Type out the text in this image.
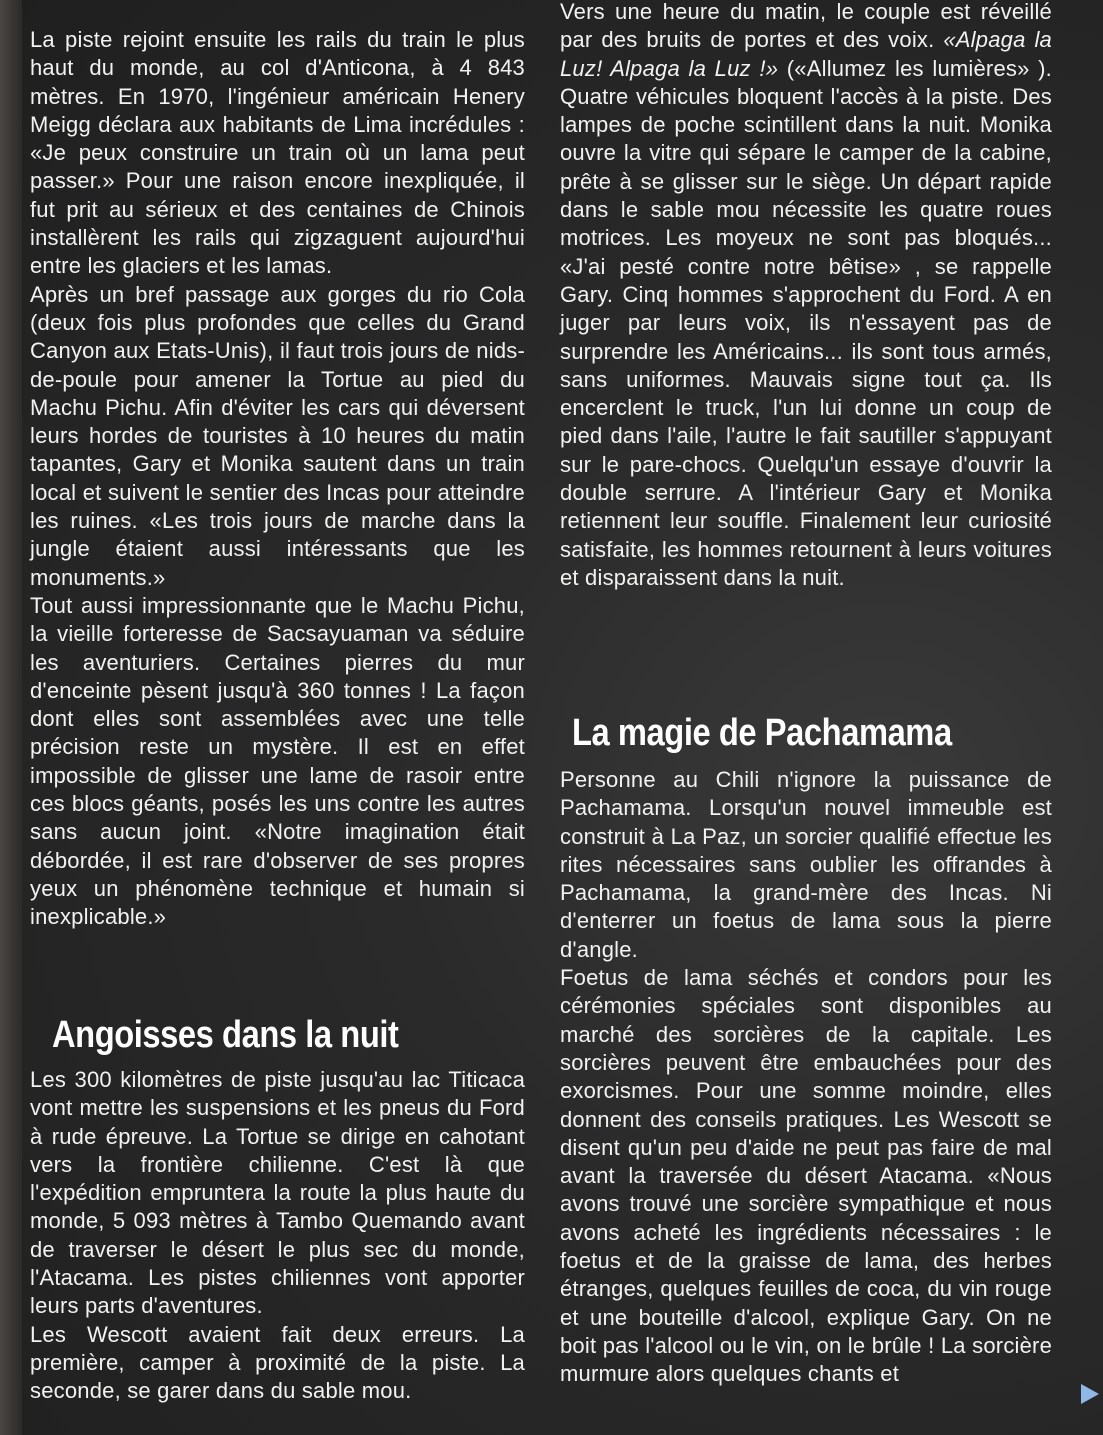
La piste rejoint ensuite les rails du train le plus haut du monde, au col d'Anticona, à 4 843 mètres. En 1970, l'ingénieur américain Henery Meigg déclara aux habitants de Lima incrédules : «Je peux construire un train où un lama peut passer.» Pour une raison encore inexpliquée, il fut prit au sérieux et des centaines de Chinois installèrent les rails qui zigzaguent aujourd'hui entre les glaciers et les lamas.

Après un bref passage aux gorges du rio Cola (deux fois plus profondes que celles du Grand Canyon aux Etats-Unis), il faut trois jours de nids-de-poule pour amener la Tortue au pied du Machu Pichu. Afin d'éviter les cars qui déversent leurs hordes de touristes à 10 heures du matin tapantes, Gary et Monika sautent dans un train local et suivent le sentier des Incas pour atteindre les ruines. «Les trois jours de marche dans la jungle étaient aussi intéressants que les monuments.»

Tout aussi impressionnante que le Machu Pichu, la vieille forteresse de Sacsayuaman va séduire les aventuriers. Certaines pierres du mur d'enceinte pèsent jusqu'à 360 tonnes ! La façon dont elles sont assemblées avec une telle précision reste un mystère. Il est en effet impossible de glisser une lame de rasoir entre ces blocs géants, posés les uns contre les autres sans aucun joint. «Notre imagination était débordée, il est rare d'observer de ses propres yeux un phénomène technique et humain si inexplicable.»

Angoisses dans la nuit

Les 300 kilomètres de piste jusqu'au lac Titicaca vont mettre les suspensions et les pneus du Ford à rude épreuve. La Tortue se dirige en cahotant vers la frontière chilienne. C'est là que l'expédition empruntera la route la plus haute du monde, 5 093 mètres à Tambo Quemando avant de traverser le désert le plus sec du monde, l'Atacama. Les pistes chiliennes vont apporter leurs parts d'aventures.

Les Wescott avaient fait deux erreurs. La première, camper à proximité de la piste. La seconde, se garer dans du sable mou.

Vers une heure du matin, le couple est réveillé par des bruits de portes et des voix. «Alpaga la Luz! Alpaga la Luz !» («Allumez les lumières» ). Quatre véhicules bloquent l'accès à la piste. Des lampes de poche scintillent dans la nuit. Monika ouvre la vitre qui sépare le camper de la cabine, prête à se glisser sur le siège. Un départ rapide dans le sable mou nécessite les quatre roues motrices. Les moyeux ne sont pas bloqués... «J'ai pesté contre notre bêtise» , se rappelle Gary. Cinq hommes s'approchent du Ford. A en juger par leurs voix, ils n'essayent pas de surprendre les Américains... ils sont tous armés, sans uniformes. Mauvais signe tout ça. Ils encerclent le truck, l'un lui donne un coup de pied dans l'aile, l'autre le fait sautiller s'appuyant sur le pare-chocs. Quelqu'un essaye d'ouvrir la double serrure. A l'intérieur Gary et Monika retiennent leur souffle. Finalement leur curiosité satisfaite, les hommes retournent à leurs voitures et disparaissent dans la nuit.

La magie de Pachamama

Personne au Chili n'ignore la puissance de Pachamama. Lorsqu'un nouvel immeuble est construit à La Paz, un sorcier qualifié effectue les rites nécessaires sans oublier les offrandes à Pachamama, la grand-mère des Incas. Ni d'enterrer un foetus de lama sous la pierre d'angle.

Foetus de lama séchés et condors pour les cérémonies spéciales sont disponibles au marché des sorcières de la capitale. Les sorcières peuvent être embauchées pour des exorcismes. Pour une somme moindre, elles donnent des conseils pratiques. Les Wescott se disent qu'un peu d'aide ne peut pas faire de mal avant la traversée du désert Atacama. «Nous avons trouvé une sorcière sympathique et nous avons acheté les ingrédients nécessaires : le foetus et de la graisse de lama, des herbes étranges, quelques feuilles de coca, du vin rouge et une bouteille d'alcool, explique Gary. On ne boit pas l'alcool ou le vin, on le brûle ! La sorcière murmure alors quelques chants et
